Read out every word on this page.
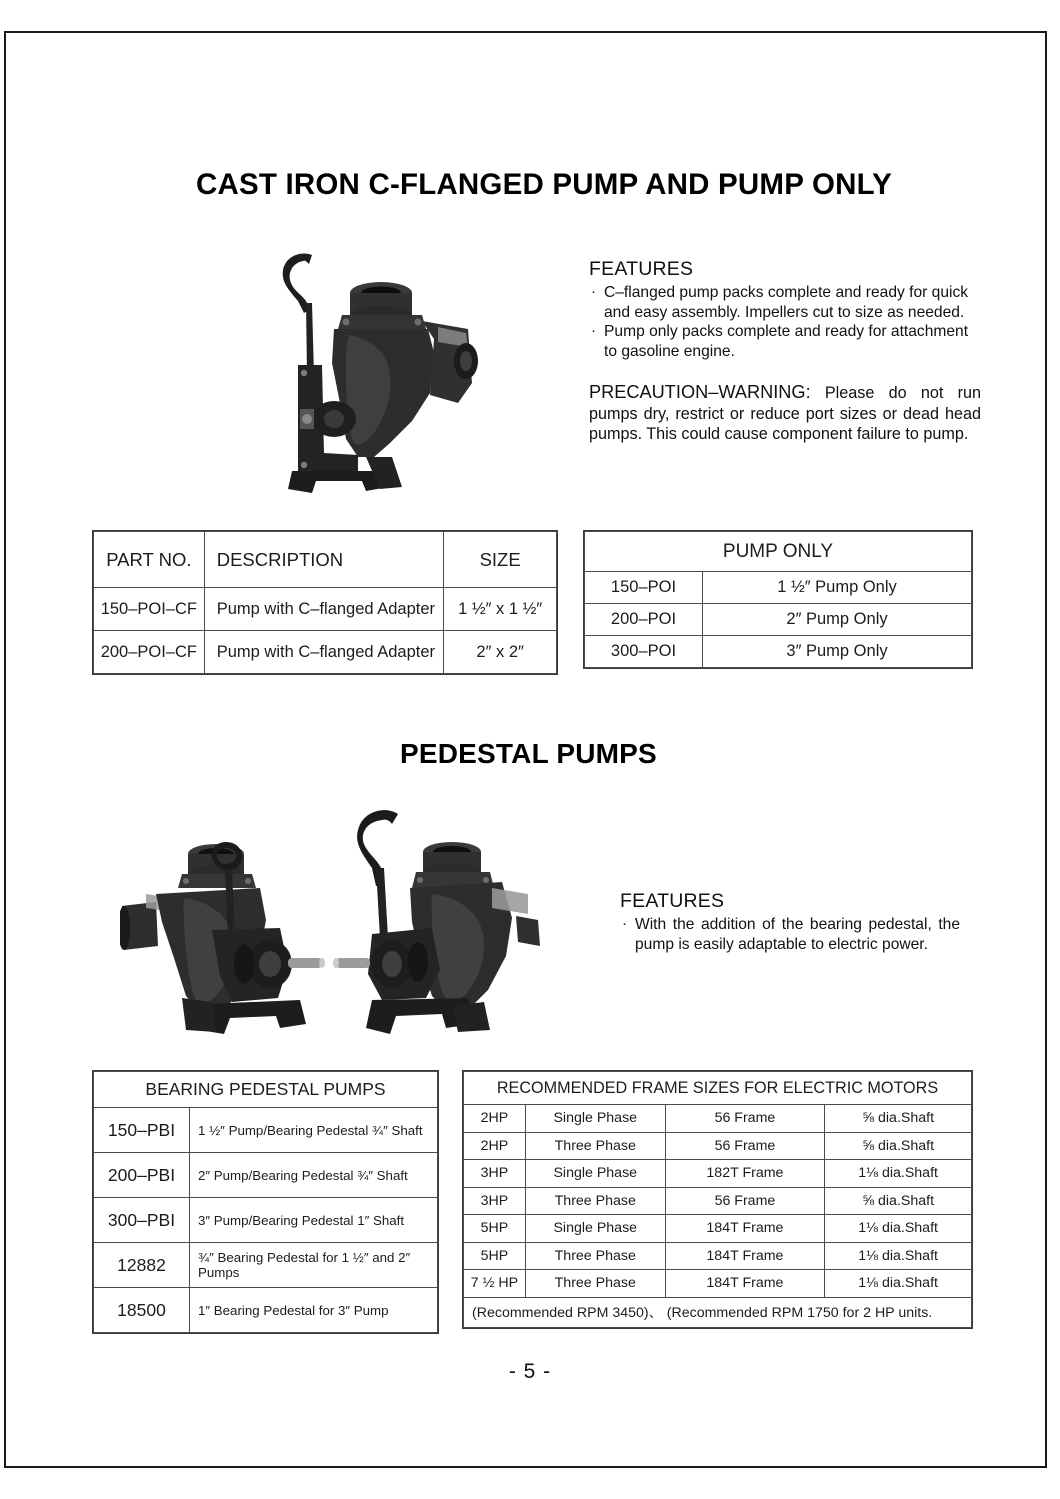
CAST IRON C-FLANGED PUMP AND PUMP ONLY
FEATURES
· C–flanged pump packs complete and ready for quick and easy assembly. Impellers cut to size as needed.
· Pump only packs complete and ready for attachment to gasoline engine.
PRECAUTION–WARNING: Please do not run pumps dry, restrict or reduce port sizes or dead head pumps. This could cause component failure to pump.
PART NO.	DESCRIPTION	SIZE
150–POI–CF	Pump with C–flanged Adapter	1 ½″ x 1 ½″
200–POI–CF	Pump with C–flanged Adapter	2″ x 2″
PUMP ONLY	
150–POI	1 ½″ Pump Only
200–POI	2″ Pump Only
300–POI	3″ Pump Only
PEDESTAL PUMPS
FEATURES
· With the addition of the bearing pedestal, the pump is easily adaptable to electric power.
BEARING PEDESTAL PUMPS	
150–PBI	1 ½″ Pump/Bearing Pedestal ¾″ Shaft
200–PBI	2″ Pump/Bearing Pedestal ¾″ Shaft
300–PBI	3″ Pump/Bearing Pedestal 1″ Shaft
12882	¾″ Bearing Pedestal for 1 ½″ and 2″ Pumps
18500	1″ Bearing Pedestal for 3″ Pump
RECOMMENDED FRAME SIZES FOR ELECTRIC MOTORS			
2HP	Single Phase	56 Frame	⅝ dia.Shaft
2HP	Three Phase	56 Frame	⅝ dia.Shaft
3HP	Single Phase	182T Frame	1⅛ dia.Shaft
3HP	Three Phase	56 Frame	⅝ dia.Shaft
5HP	Single Phase	184T Frame	1⅛ dia.Shaft
5HP	Three Phase	184T Frame	1⅛ dia.Shaft
7 ½ HP	Three Phase	184T Frame	1⅛ dia.Shaft
(Recommended RPM 3450)、 (Recommended RPM 1750 for 2 HP units.			
- 5 -
